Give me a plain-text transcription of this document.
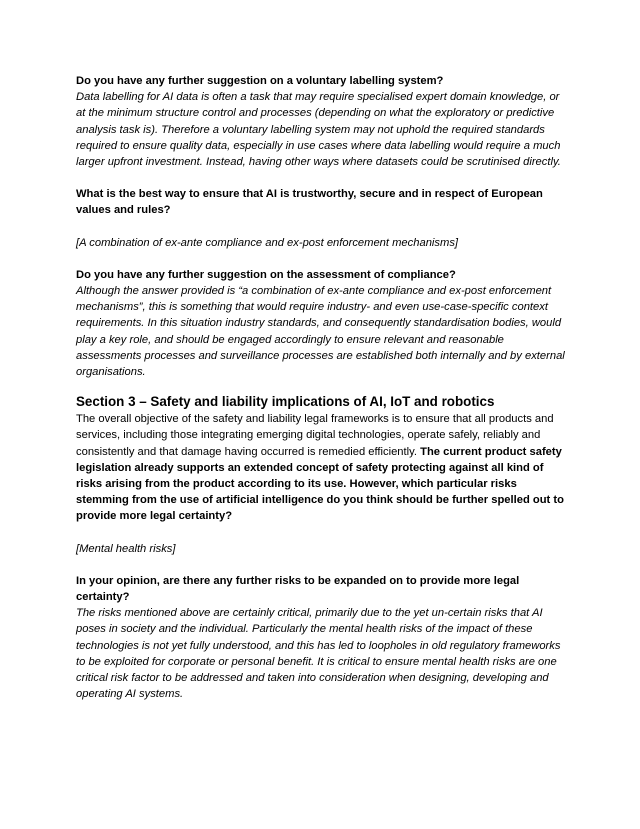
Do you have any further suggestion on a voluntary labelling system?

Data labelling for AI data is often a task that may require specialised expert domain knowledge, or at the minimum structure control and processes (depending on what the exploratory or predictive analysis task is). Therefore a voluntary labelling system may not uphold the required standards required to ensure quality data, especially in use cases where data labelling would require a much larger upfront investment. Instead, having other ways where datasets could be scrutinised directly.

What is the best way to ensure that AI is trustworthy, secure and in respect of European values and rules?

[A combination of ex-ante compliance and ex-post enforcement mechanisms]

Do you have any further suggestion on the assessment of compliance?

Although the answer provided is “a combination of ex-ante compliance and ex-post enforcement mechanisms”, this is something that would require industry- and even use-case-specific context requirements. In this situation industry standards, and consequently standardisation bodies, would play a key role, and should be engaged accordingly to ensure relevant and reasonable assessments processes and surveillance processes are established both internally and by external organisations.

Section 3 – Safety and liability implications of AI, IoT and robotics

The overall objective of the safety and liability legal frameworks is to ensure that all products and services, including those integrating emerging digital technologies, operate safely, reliably and consistently and that damage having occurred is remedied efficiently. The current product safety legislation already supports an extended concept of safety protecting against all kind of risks arising from the product according to its use. However, which particular risks stemming from the use of artificial intelligence do you think should be further spelled out to provide more legal certainty?

[Mental health risks]

In your opinion, are there any further risks to be expanded on to provide more legal certainty?

The risks mentioned above are certainly critical, primarily due to the yet un-certain risks that AI poses in society and the individual. Particularly the mental health risks of the impact of these technologies is not yet fully understood, and this has led to loopholes in old regulatory frameworks to be exploited for corporate or personal benefit. It is critical to ensure mental health risks are one critical risk factor to be addressed and taken into consideration when designing, developing and operating AI systems.
